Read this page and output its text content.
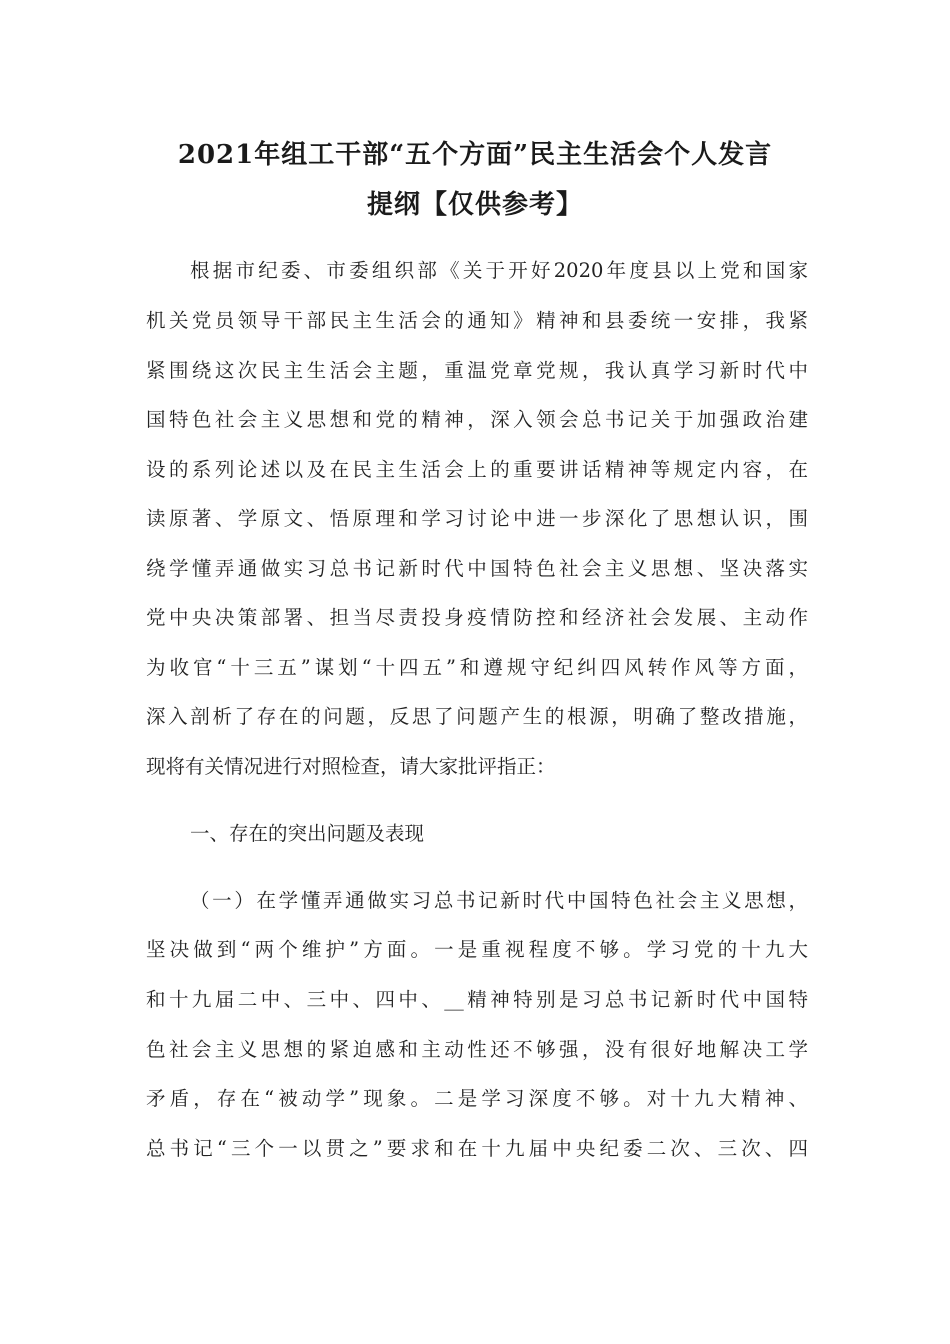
2021年组工干部“五个方面”民主生活会个人发言
提纲【仅供参考】
根据市纪委、市委组织部《关于开好2020年度县以上党和国家
机关党员领导干部民主生活会的通知》精神和县委统一安排，我紧
紧围绕这次民主生活会主题，重温党章党规，我认真学习新时代中
国特色社会主义思想和党的精神，深入领会总书记关于加强政治建
设的系列论述以及在民主生活会上的重要讲话精神等规定内容，在
读原著、学原文、悟原理和学习讨论中进一步深化了思想认识，围
绕学懂弄通做实习总书记新时代中国特色社会主义思想、坚决落实
党中央决策部署、担当尽责投身疫情防控和经济社会发展、主动作
为收官“十三五”谋划“十四五”和遵规守纪纠四风转作风等方面，
深入剖析了存在的问题，反思了问题产生的根源，明确了整改措施，
现将有关情况进行对照检查，请大家批评指正：
一、存在的突出问题及表现
（一）在学懂弄通做实习总书记新时代中国特色社会主义思想，
坚决做到“两个维护”方面。一是重视程度不够。学习党的十九大
和十九届二中、三中、四中、__精神特别是习总书记新时代中国特
色社会主义思想的紧迫感和主动性还不够强，没有很好地解决工学
矛盾，存在“被动学”现象。二是学习深度不够。对十九大精神、
总书记“三个一以贯之”要求和在十九届中央纪委二次、三次、四
